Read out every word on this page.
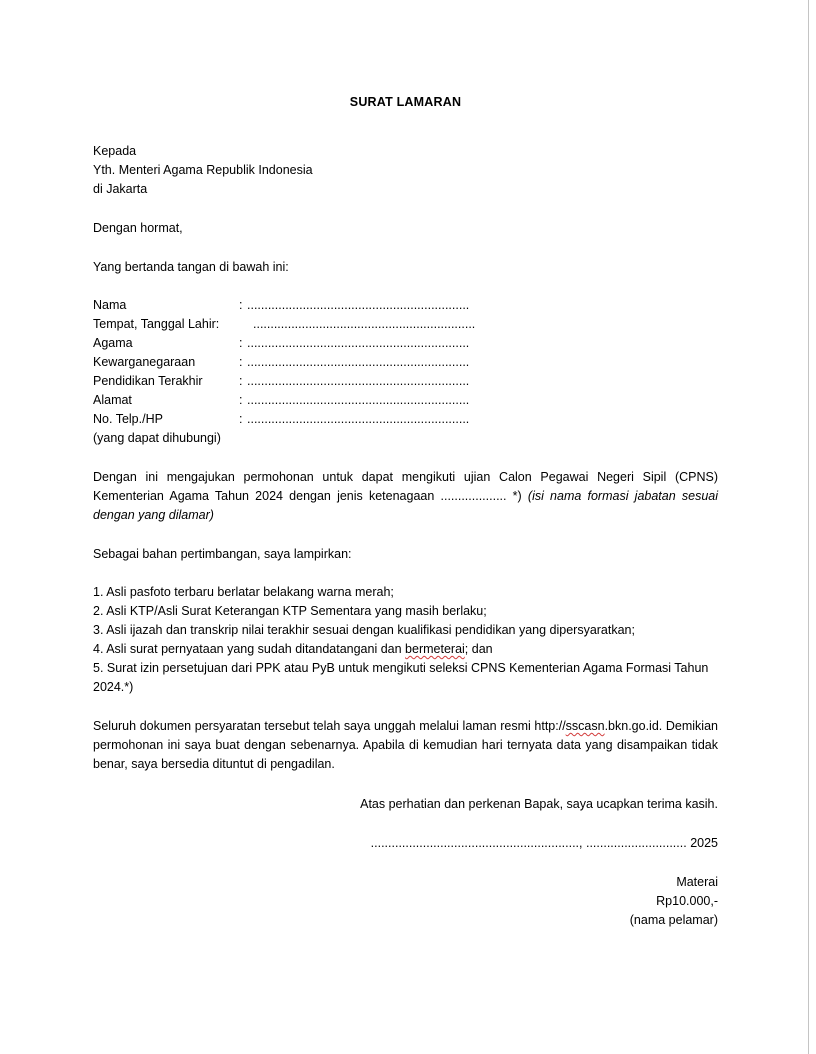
SURAT LAMARAN
Kepada
Yth. Menteri Agama Republik Indonesia
di Jakarta
Dengan hormat,
Yang bertanda tangan di bawah ini:
Nama	: ................................................................
Tempat, Tanggal Lahir:	................................................................
Agama	: ................................................................
Kewarganegaraan	: ................................................................
Pendidikan Terakhir	: ................................................................
Alamat	: ................................................................
No. Telp./HP	: ................................................................
(yang dapat dihubungi)
Dengan ini mengajukan permohonan untuk dapat mengikuti ujian Calon Pegawai Negeri Sipil (CPNS) Kementerian Agama Tahun 2024 dengan jenis ketenagaan ................... *) (isi nama formasi jabatan sesuai dengan yang dilamar)
Sebagai bahan pertimbangan, saya lampirkan:
1. Asli pasfoto terbaru berlatar belakang warna merah;
2. Asli KTP/Asli Surat Keterangan KTP Sementara yang masih berlaku;
3. Asli ijazah dan transkrip nilai terakhir sesuai dengan kualifikasi pendidikan yang dipersyaratkan;
4. Asli surat pernyataan yang sudah ditandatangani dan bermeterai; dan
5. Surat izin persetujuan dari PPK atau PyB untuk mengikuti seleksi CPNS Kementerian Agama Formasi Tahun 2024.*)
Seluruh dokumen persyaratan tersebut telah saya unggah melalui laman resmi http://sscasn.bkn.go.id. Demikian permohonan ini saya buat dengan sebenarnya. Apabila di kemudian hari ternyata data yang disampaikan tidak benar, saya bersedia dituntut di pengadilan.
Atas perhatian dan perkenan Bapak, saya ucapkan terima kasih.
............................................................, ............................. 2025
Materai
Rp10.000,-
(nama pelamar)
